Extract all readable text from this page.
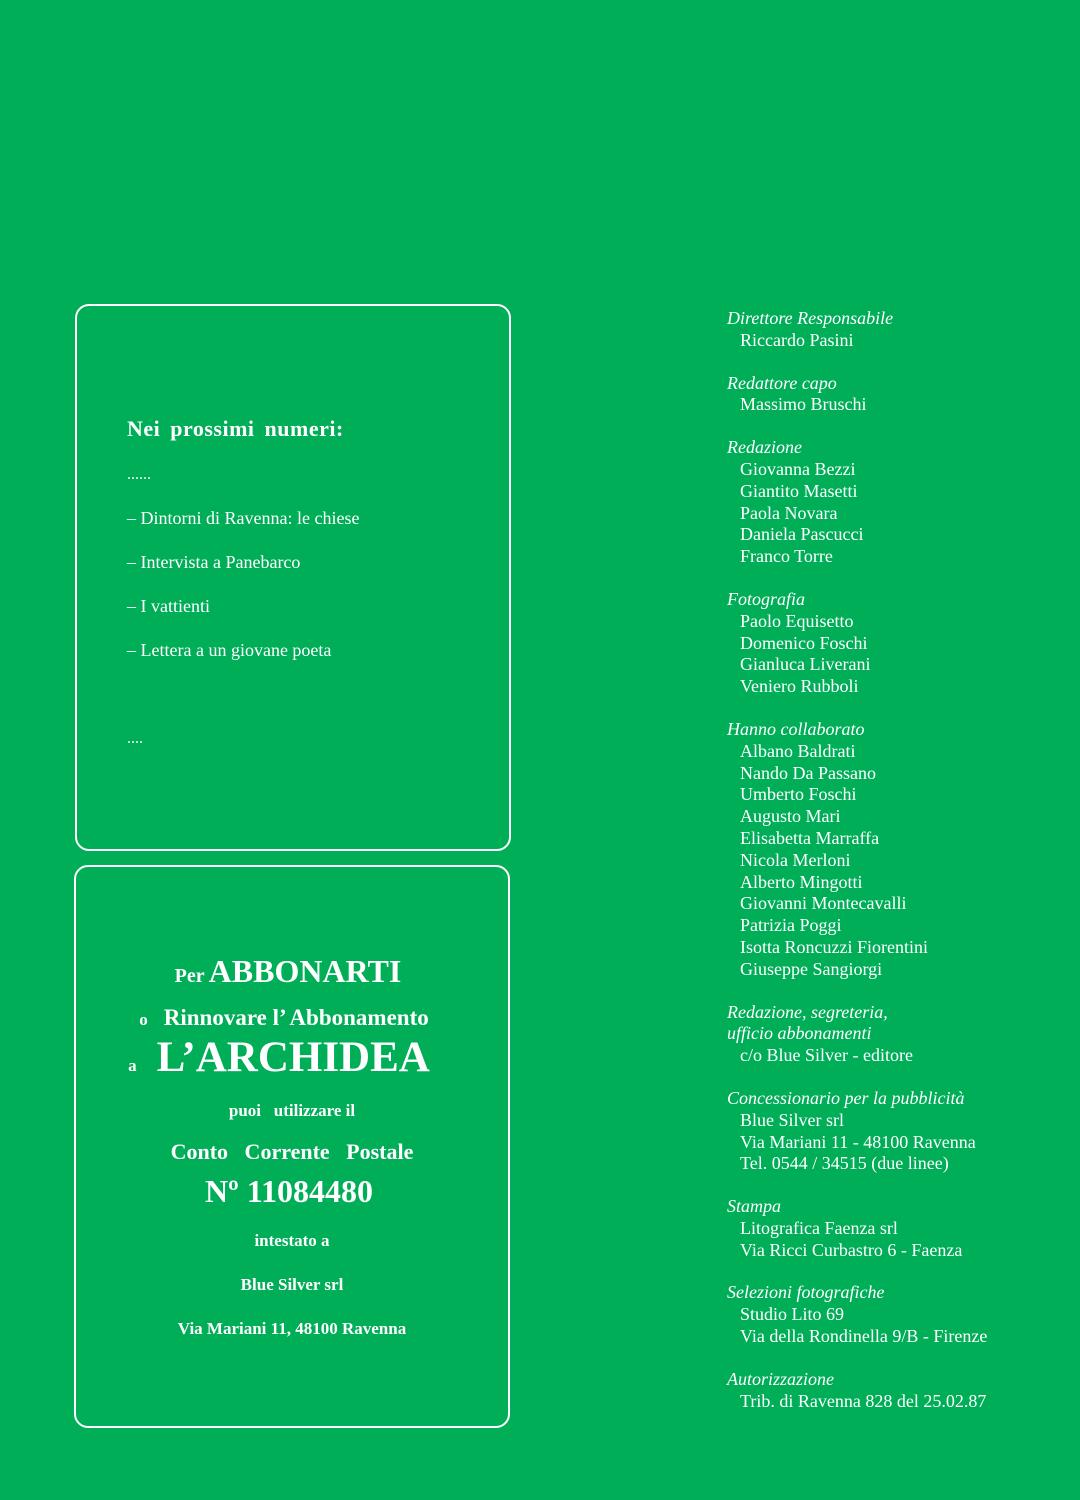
Nei prossimi numeri:
......
– Dintorni di Ravenna: le chiese
– Intervista a Panebarco
– I vattienti
– Lettera a un giovane poeta
....
Per ABBONARTI
o Rinnovare l’ Abbonamento
a L’ARCHIDEA
puoi   utilizzare il
Conto   Corrente   Postale
Nº 11084480
intestato a
Blue Silver srl
Via Mariani 11, 48100 Ravenna
Direttore Responsabile
Riccardo Pasini
Redattore capo
Massimo Bruschi
Redazione
Giovanna Bezzi
Giantito Masetti
Paola Novara
Daniela Pascucci
Franco Torre
Fotografia
Paolo Equisetto
Domenico Foschi
Gianluca Liverani
Veniero Rubboli
Hanno collaborato
Albano Baldrati
Nando Da Passano
Umberto Foschi
Augusto Mari
Elisabetta Marraffa
Nicola Merloni
Alberto Mingotti
Giovanni Montecavalli
Patrizia Poggi
Isotta Roncuzzi Fiorentini
Giuseppe Sangiorgi
Redazione, segreteria,
ufficio abbonamenti
c/o Blue Silver - editore
Concessionario per la pubblicità
Blue Silver srl
Via Mariani 11 - 48100 Ravenna
Tel. 0544 / 34515 (due linee)
Stampa
Litografica Faenza srl
Via Ricci Curbastro 6 - Faenza
Selezioni fotografiche
Studio Lito 69
Via della Rondinella 9/B - Firenze
Autorizzazione
Trib. di Ravenna 828 del 25.02.87
